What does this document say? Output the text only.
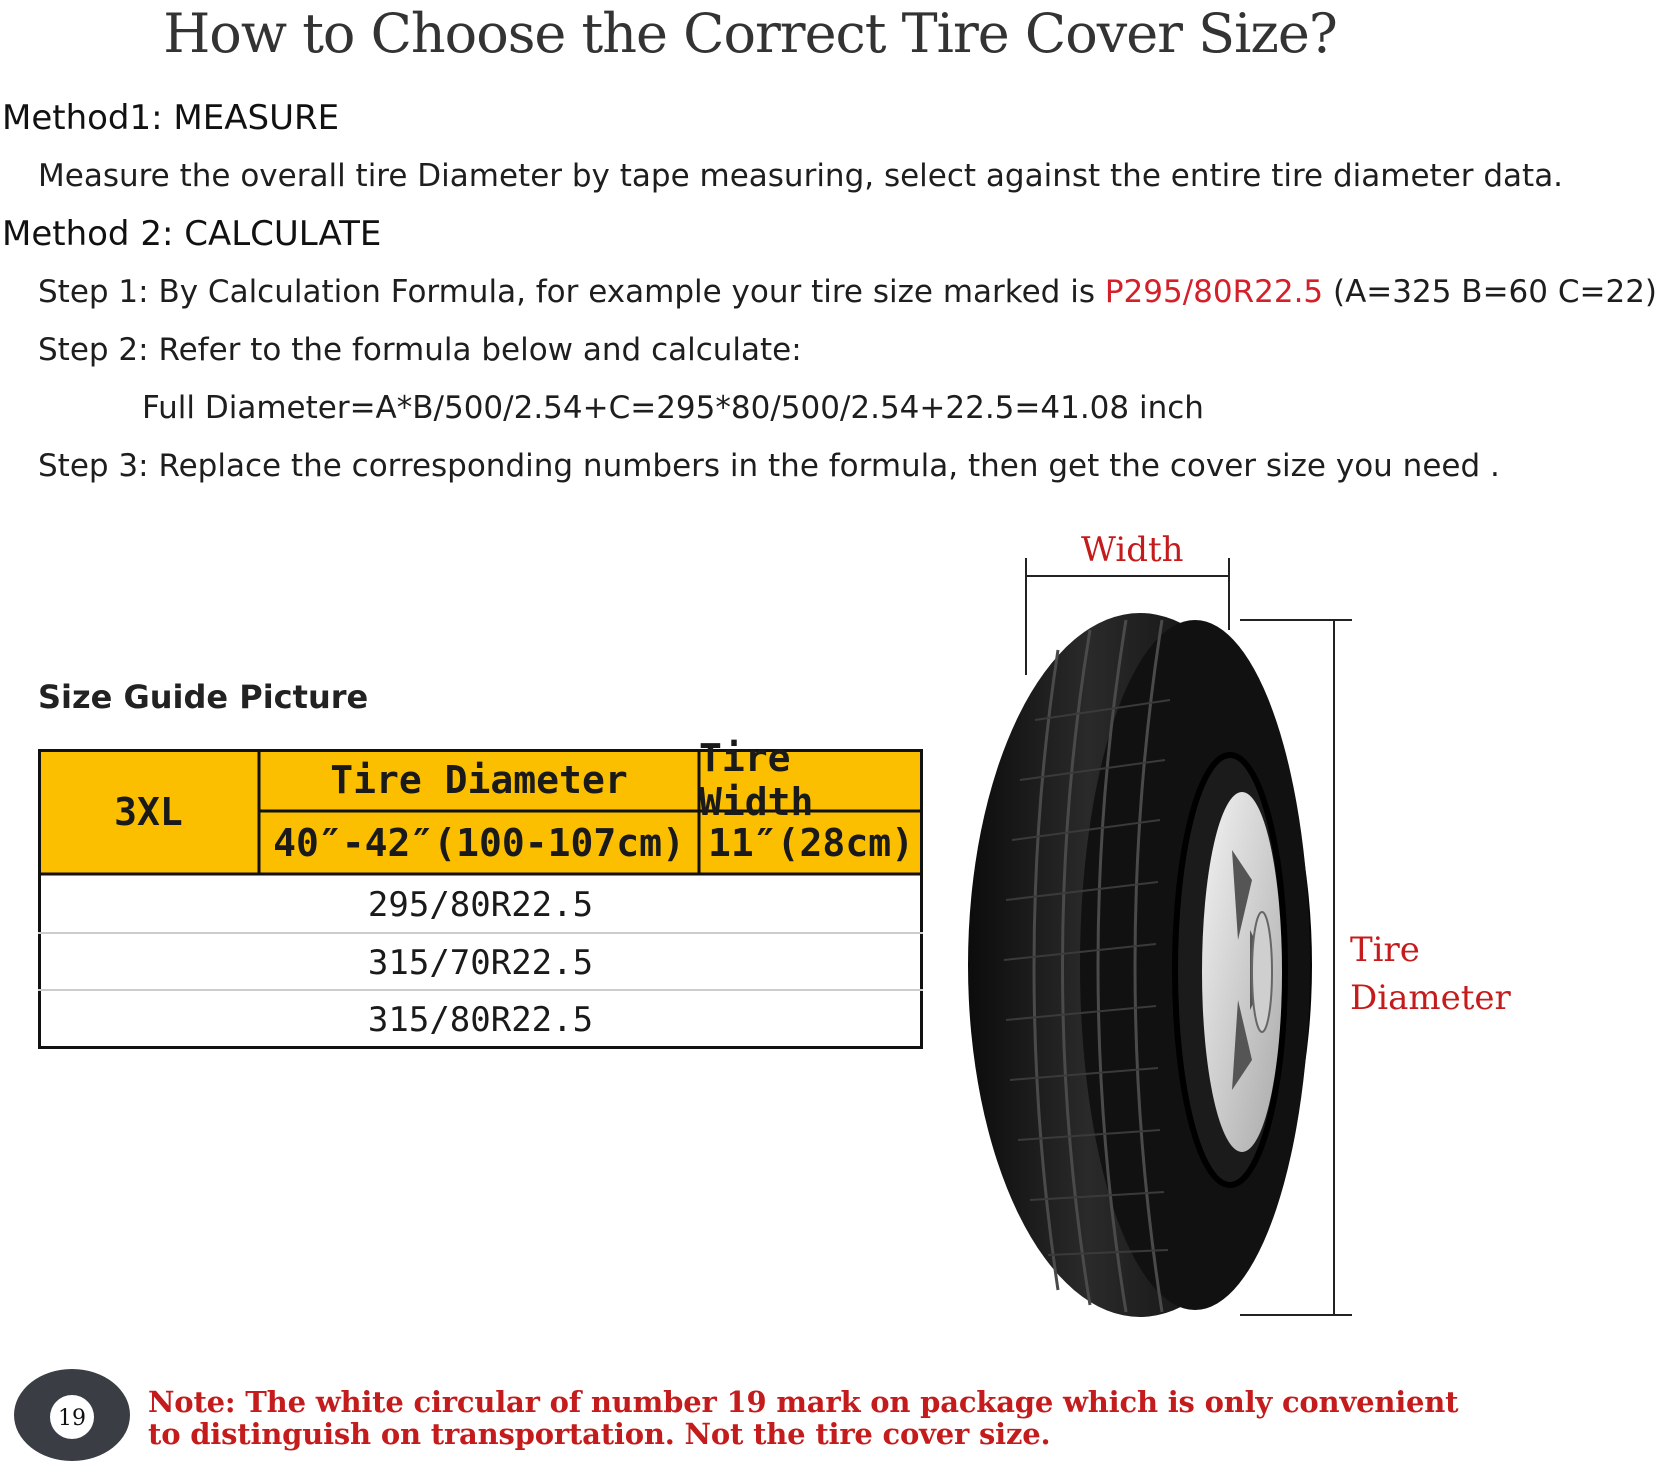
How to Choose the Correct Tire Cover Size?
Method1: MEASURE
Measure the overall tire Diameter by tape measuring, select against the entire tire diameter data.
Method 2: CALCULATE
Step 1: By Calculation Formula, for example your tire size marked is P295/80R22.5 (A=325 B=60 C=22)
Step 2: Refer to the formula below and calculate:
Full Diameter=A*B/500/2.54+C=295*80/500/2.54+22.5=41.08 inch
Step 3: Replace the corresponding numbers in the formula, then get the cover size you need .
Size Guide Picture
3XL
Tire Diameter	Tire Width
40″-42″(100-107cm) 11″(28cm)
295/80R22.5
315/70R22.5
315/80R22.5
Width
Tire
Diameter
19 Note: The white circular of number 19 mark on package which is only convenient to distinguish on transportation. Not the tire cover size.
